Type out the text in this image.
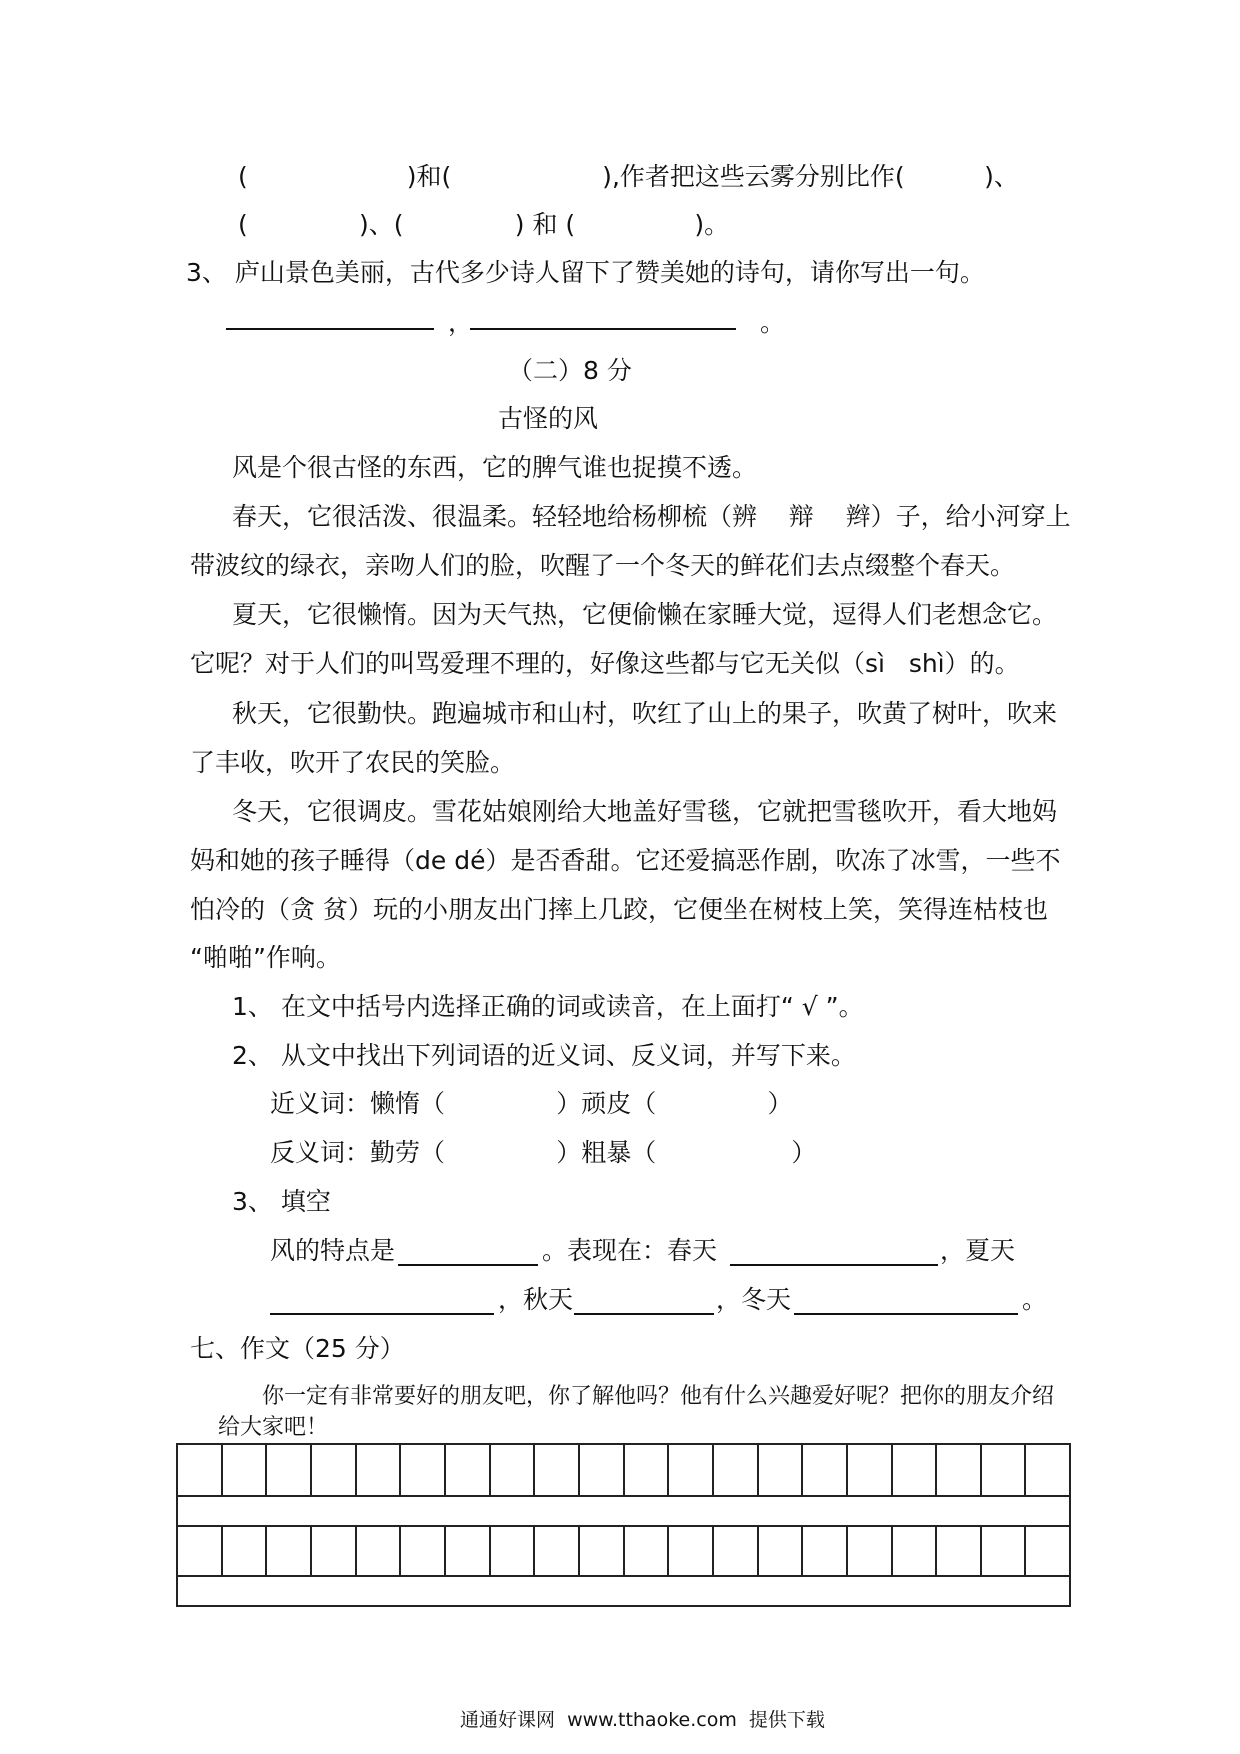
(                    )和(                   ),作者把这些云雾分别比作(          )、
(              )、(              ) 和 (               )。
3、 庐山景色美丽，古代多少诗人留下了赞美她的诗句，请你写出一句。
，	。
（二）8 分
古怪的风
风是个很古怪的东西，它的脾气谁也捉摸不透。
春天，它很活泼、很温柔。轻轻地给杨柳梳（辨    辩    辫）子，给小河穿上
带波纹的绿衣，亲吻人们的脸，吹醒了一个冬天的鲜花们去点缀整个春天。
夏天，它很懒惰。因为天气热，它便偷懒在家睡大觉，逗得人们老想念它。
它呢？对于人们的叫骂爱理不理的，好像这些都与它无关似（sì   shì）的。
秋天，它很勤快。跑遍城市和山村，吹红了山上的果子，吹黄了树叶，吹来
了丰收，吹开了农民的笑脸。
冬天，它很调皮。雪花姑娘刚给大地盖好雪毯，它就把雪毯吹开，看大地妈
妈和她的孩子睡得（de dé）是否香甜。它还爱搞恶作剧，吹冻了冰雪，一些不
怕冷的（贪 贫）玩的小朋友出门摔上几跤，它便坐在树枝上笑，笑得连枯枝也
“啪啪”作响。
1、 在文中括号内选择正确的词或读音，在上面打“ √ ”。
2、 从文中找出下列词语的近义词、反义词，并写下来。
近义词：懒惰（              ）顽皮（              ）
反义词：勤劳（              ）粗暴（                 ）
3、 填空
风的特点是	。表现在：春天	，夏天
，秋天	，冬天	。
七、作文（25 分）
你一定有非常要好的朋友吧，你了解他吗？他有什么兴趣爱好呢？把你的朋友介绍
给大家吧！
通通好课网  www.tthaoke.com  提供下载
